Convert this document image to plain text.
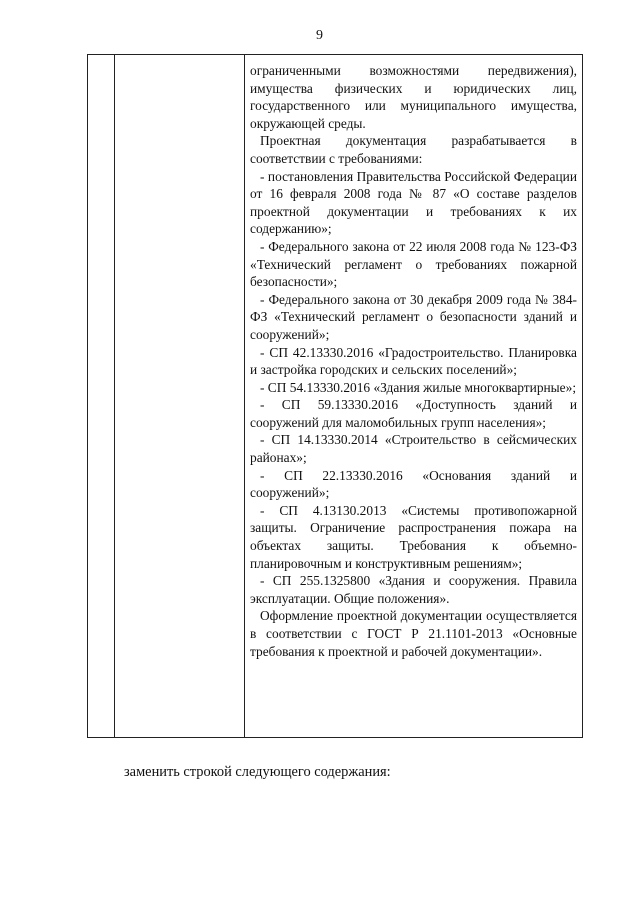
9

ограниченными возможностями передвижения), имущества физических и юридических лиц, государственного или муниципального имущества, окружающей среды.

Проектная документация разрабатывается в соответствии с требованиями:

- постановления Правительства Российской Федерации от 16 февраля 2008 года № 87 «О составе разделов проектной документации и требованиях к их содержанию»;

- Федерального закона от 22 июля 2008 года № 123-ФЗ «Технический регламент о требованиях пожарной безопасности»;

- Федерального закона от 30 декабря 2009 года № 384-ФЗ «Технический регламент о безопасности зданий и сооружений»;

- СП 42.13330.2016 «Градостроительство. Планировка и застройка городских и сельских поселений»;

- СП 54.13330.2016 «Здания жилые многоквартирные»;

- СП 59.13330.2016 «Доступность зданий и сооружений для маломобильных групп населения»;

- СП 14.13330.2014 «Строительство в сейсмических районах»;

- СП 22.13330.2016 «Основания зданий и сооружений»;

- СП 4.13130.2013 «Системы противопожарной защиты. Ограничение распространения пожара на объектах защиты. Требования к объемно-планировочным и конструктивным решениям»;

- СП 255.1325800 «Здания и сооружения. Правила эксплуатации. Общие положения».

Оформление проектной документации осуществляется в соответствии с ГОСТ Р 21.1101-2013 «Основные требования к проектной и рабочей документации».

заменить строкой следующего содержания:
